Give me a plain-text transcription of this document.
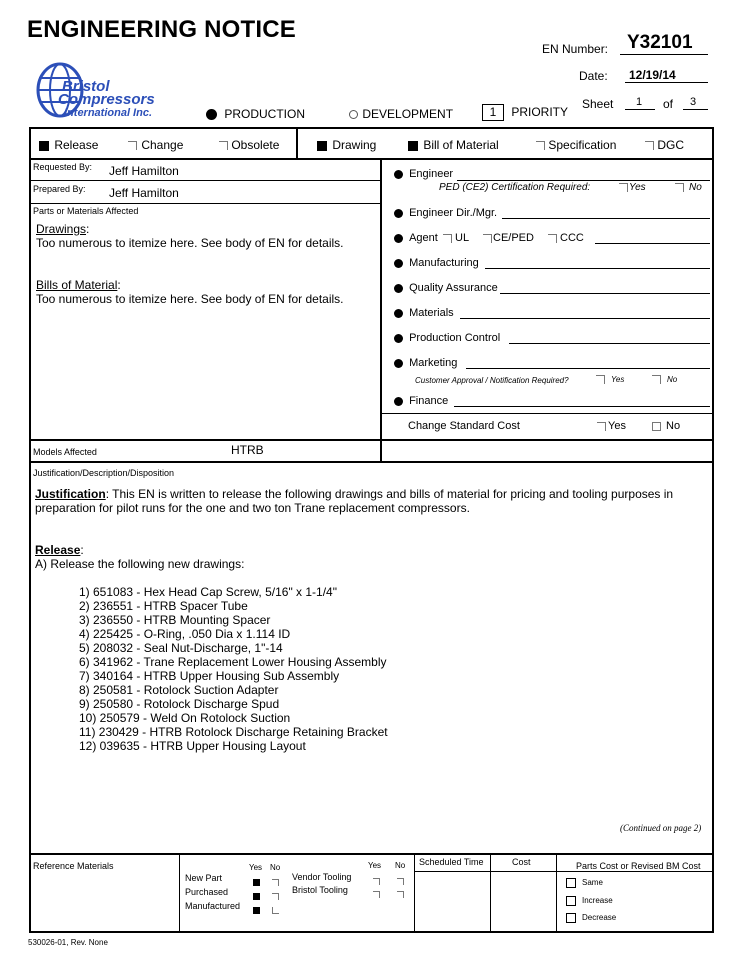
ENGINEERING NOTICE
EN Number: Y32101
Date: 12/19/14
Bristol
Compressors
International Inc.	PRODUCTION	DEVELOPMENT	1 PRIORITY
Sheet 1 of 3
Release	Change	Obsolete	Drawing	Bill of Material	Specification	DGC
Requested By: Jeff Hamilton
Prepared By: Jeff Hamilton
Parts or Materials Affected
Drawings:
Too numerous to itemize here. See body of EN for details.
Bills of Material:
Too numerous to itemize here. See body of EN for details.
Models Affected	HTRB
Engineer
PED (CE2) Certification Required:	Yes	No
Engineer Dir./Mgr.
Agent	UL	CE/PED	CCC
Manufacturing
Quality Assurance
Materials
Production Control
Marketing
Customer Approval / Notification Required?	Yes	No
Finance
Change Standard Cost	Yes	No
Justification/Description/Disposition
Justification: This EN is written to release the following drawings and bills of material for pricing and tooling purposes in preparation for pilot runs for the one and two ton Trane replacement compressors.
Release:
A) Release the following new drawings:
1) 651083 - Hex Head Cap Screw, 5/16" x 1-1/4"
2) 236551 - HTRB Spacer Tube
3) 236550 - HTRB Mounting Spacer
4) 225425 - O-Ring, .050 Dia x 1.114 ID
5) 208032 - Seal Nut-Discharge, 1"-14
6) 341962 - Trane Replacement Lower Housing Assembly
7) 340164 - HTRB Upper Housing Sub Assembly
8) 250581 - Rotolock Suction Adapter
9) 250580 - Rotolock Discharge Spud
10) 250579 - Weld On Rotolock Suction
11) 230429 - HTRB Rotolock Discharge Retaining Bracket
12) 039635 - HTRB Upper Housing Layout
(Continued on page 2)
Reference Materials	Yes No
New Part
Purchased
Manufactured
Yes No
Vendor Tooling
Bristol Tooling
Scheduled Time	Cost	Parts Cost or Revised BM Cost
Same
Increase
Decrease
530026-01, Rev. None
